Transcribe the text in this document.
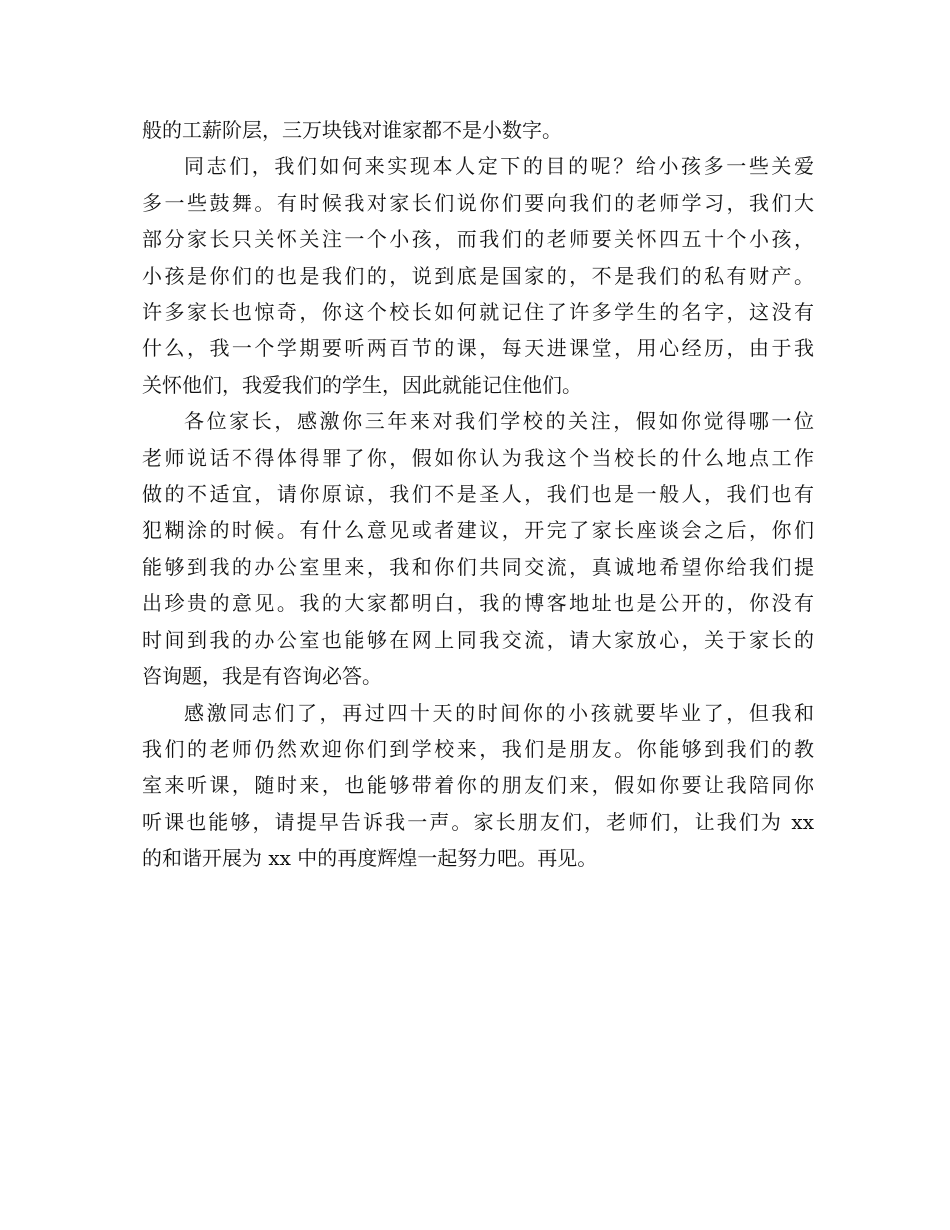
般的工薪阶层，三万块钱对谁家都不是小数字。
同志们，我们如何来实现本人定下的目的呢？给小孩多一些关爱
多一些鼓舞。有时候我对家长们说你们要向我们的老师学习，我们大
部分家长只关怀关注一个小孩，而我们的老师要关怀四五十个小孩，
小孩是你们的也是我们的，说到底是国家的，不是我们的私有财产。
许多家长也惊奇，你这个校长如何就记住了许多学生的名字，这没有
什么，我一个学期要听两百节的课，每天进课堂，用心经历，由于我
关怀他们，我爱我们的学生，因此就能记住他们。
各位家长，感激你三年来对我们学校的关注，假如你觉得哪一位
老师说话不得体得罪了你，假如你认为我这个当校长的什么地点工作
做的不适宜，请你原谅，我们不是圣人，我们也是一般人，我们也有
犯糊涂的时候。有什么意见或者建议，开完了家长座谈会之后，你们
能够到我的办公室里来，我和你们共同交流，真诚地希望你给我们提
出珍贵的意见。我的大家都明白，我的博客地址也是公开的，你没有
时间到我的办公室也能够在网上同我交流，请大家放心，关于家长的
咨询题，我是有咨询必答。
感激同志们了，再过四十天的时间你的小孩就要毕业了，但我和
我们的老师仍然欢迎你们到学校来，我们是朋友。你能够到我们的教
室来听课，随时来，也能够带着你的朋友们来，假如你要让我陪同你
听课也能够，请提早告诉我一声。家长朋友们，老师们，让我们为 xx
的和谐开展为 xx 中的再度辉煌一起努力吧。再见。
